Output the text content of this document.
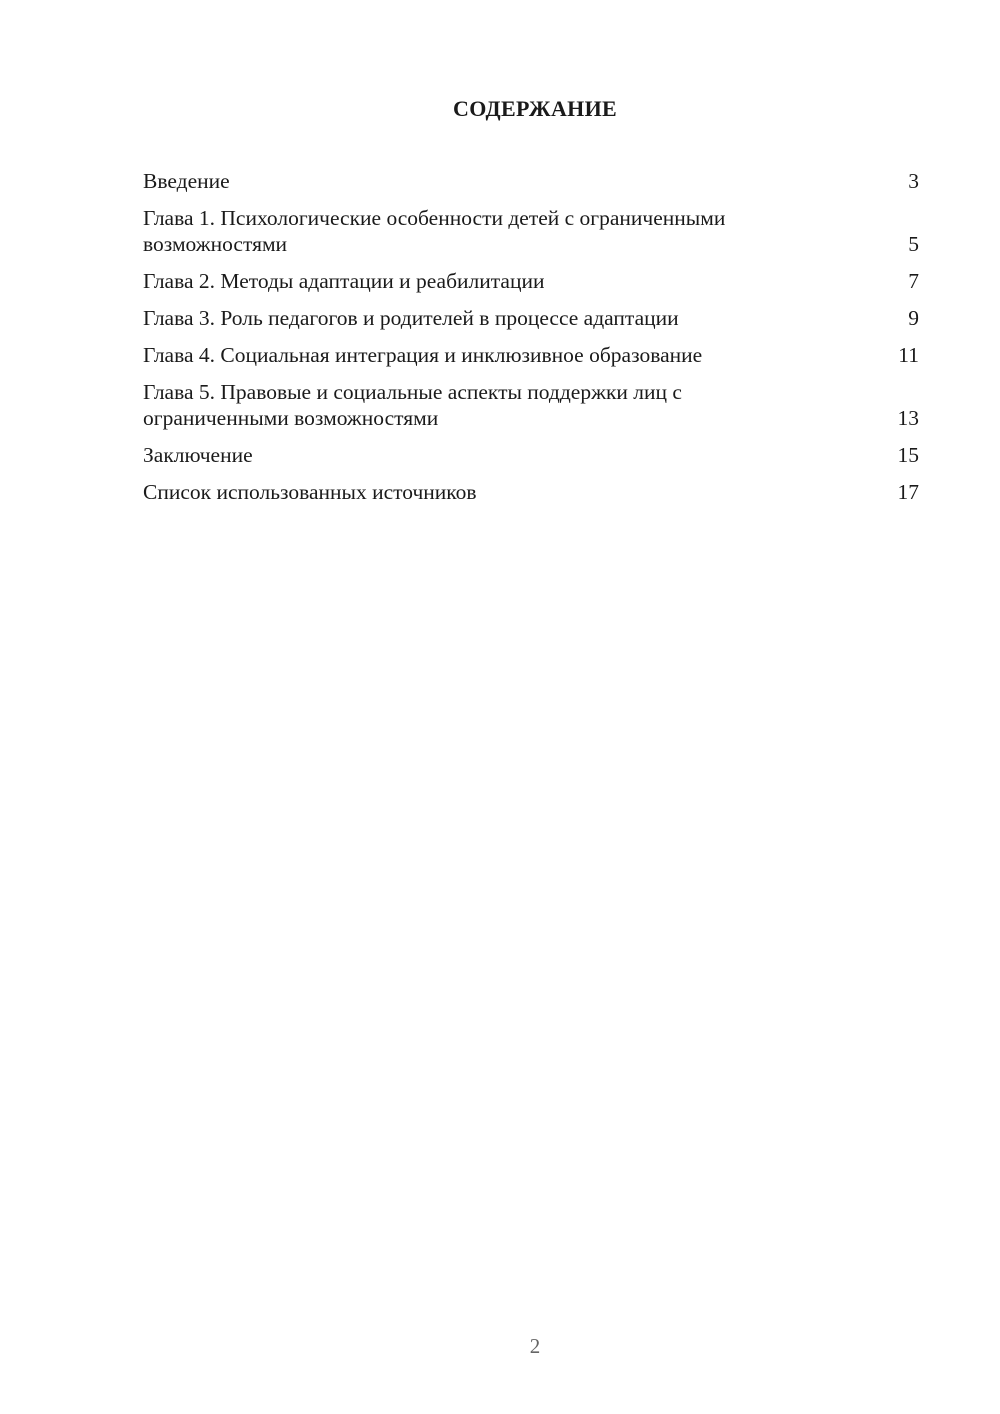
СОДЕРЖАНИЕ
Введение	3
Глава 1. Психологические особенности детей с ограниченными
возможностями	5
Глава 2. Методы адаптации и реабилитации	7
Глава 3. Роль педагогов и родителей в процессе адаптации	9
Глава 4. Социальная интеграция и инклюзивное образование	11
Глава 5. Правовые и социальные аспекты поддержки лиц с
ограниченными возможностями	13
Заключение	15
Список использованных источников	17
2
